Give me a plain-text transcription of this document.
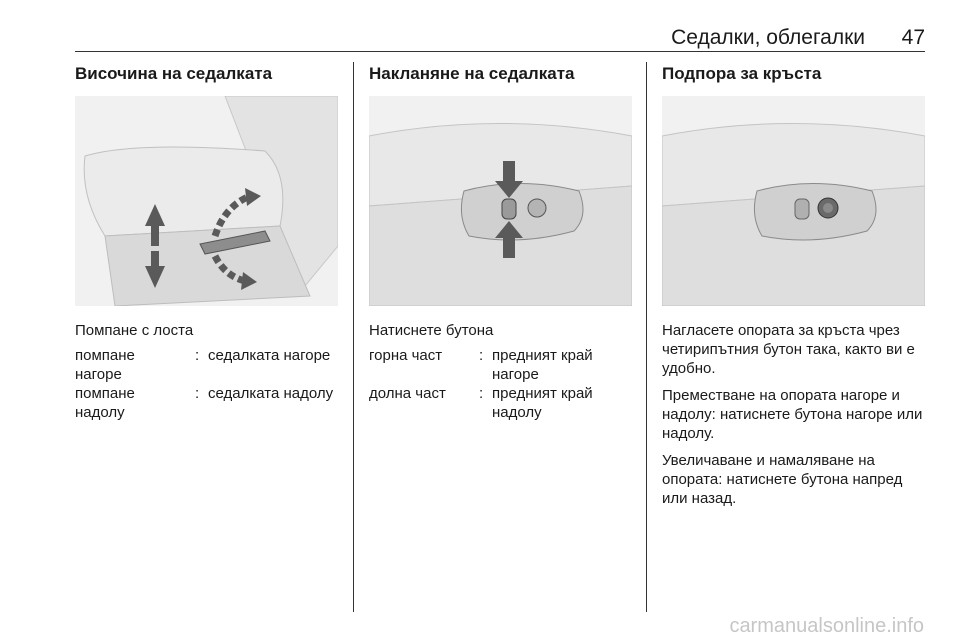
Седалки, облегалки 47
Височина на седалката
Помпане с лоста
помпане нагоре
: седалката нагоре
помпане надолу
: седалката надолу
Накланяне на седалката
Натиснете бутона
горна част	: предният край нагоре
долна част	: предният край надолу
Подпора за кръста

Нагласете опората за кръста чрез четирипътния бутон така, както ви е удобно.

Преместване на опората нагоре и надолу: натиснете бутона нагоре или надолу.

Увеличаване и намаляване на опората: натиснете бутона напред или назад.

carmanualsonline.info
